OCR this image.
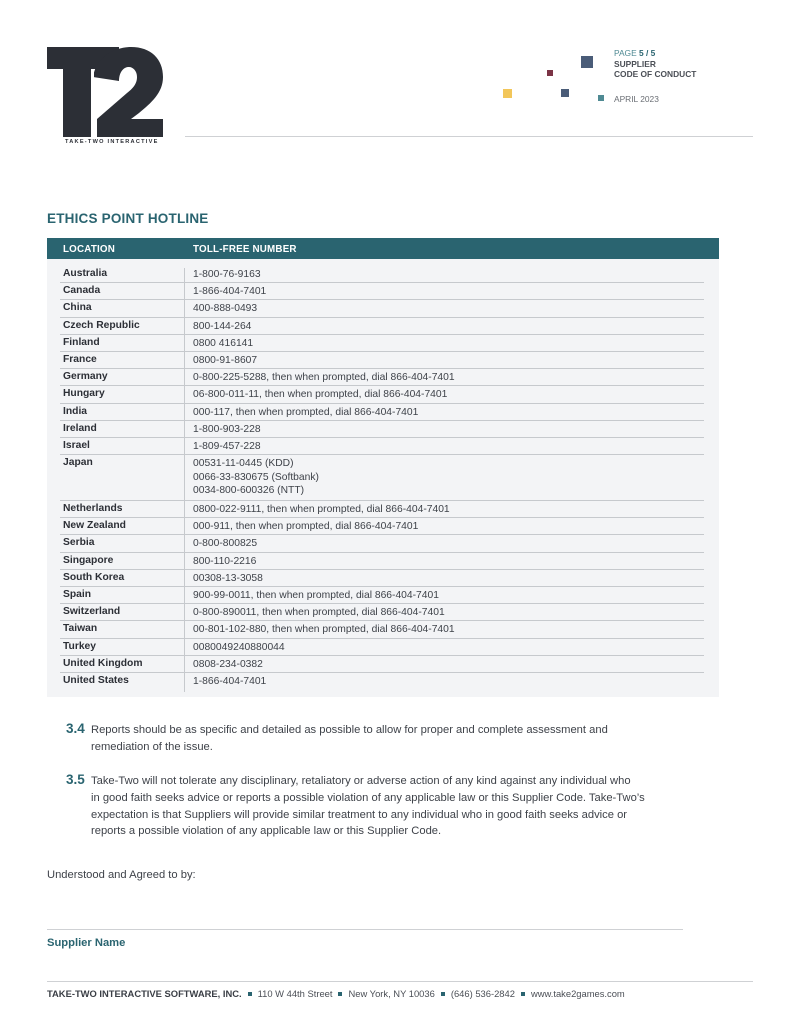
TAKE-TWO INTERACTIVE
PAGE 5 / 5
SUPPLIER
CODE OF CONDUCT
APRIL 2023
ETHICS POINT HOTLINE
LOCATION	TOLL-FREE NUMBER
Australia	1-800-76-9163
Canada	1-866-404-7401
China	400-888-0493
Czech Republic	800-144-264
Finland	0800 416141
France	0800-91-8607
Germany	0-800-225-5288, then when prompted, dial 866-404-7401
Hungary	06-800-011-11, then when prompted, dial 866-404-7401
India	000-117, then when prompted, dial 866-404-7401
Ireland	1-800-903-228
Israel	1-809-457-228
Japan	00531-11-0445 (KDD)
0066-33-830675 (Softbank)
0034-800-600326 (NTT)
Netherlands	0800-022-9111, then when prompted, dial 866-404-7401
New Zealand	000-911, then when prompted, dial 866-404-7401
Serbia	0-800-800825
Singapore	800-110-2216
South Korea	00308-13-3058
Spain	900-99-0011, then when prompted, dial 866-404-7401
Switzerland	0-800-890011, then when prompted, dial 866-404-7401
Taiwan	00-801-102-880, then when prompted, dial 866-404-7401
Turkey	0080049240880044
United Kingdom	0808-234-0382
United States	1-866-404-7401
3.4 Reports should be as specific and detailed as possible to allow for proper and complete assessment and
remediation of the issue.
3.5 Take-Two will not tolerate any disciplinary, retaliatory or adverse action of any kind against any individual who
in good faith seeks advice or reports a possible violation of any applicable law or this Supplier Code. Take-Two’s
expectation is that Suppliers will provide similar treatment to any individual who in good faith seeks advice or
reports a possible violation of any applicable law or this Supplier Code.
Understood and Agreed to by:
Supplier Name
TAKE-TWO INTERACTIVE SOFTWARE, INC. 110 W 44th Street New York, NY 10036 (646) 536-2842 www.take2games.com
